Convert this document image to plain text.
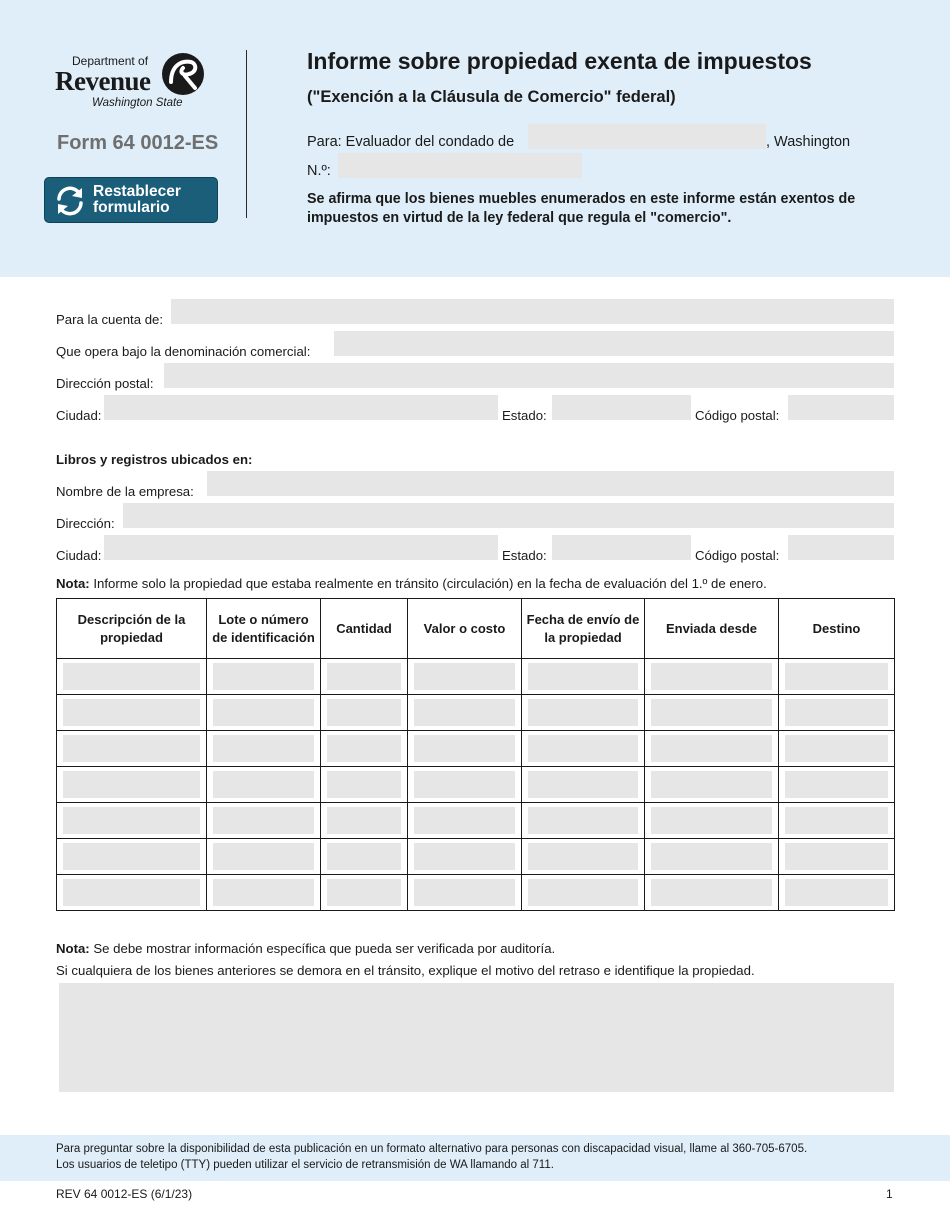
Department of
Revenue
Washington State
Form 64 0012-ES
Restablecer
formulario
Informe sobre propiedad exenta de impuestos
("Exención a la Cláusula de Comercio" federal)
Para: Evaluador del condado de	, Washington
N.º:
Se afirma que los bienes muebles enumerados en este informe están exentos de impuestos en virtud de la ley federal que regula el "comercio".
Para la cuenta de:
Que opera bajo la denominación comercial:
Dirección postal:
Ciudad:	Estado:	Código postal:
Libros y registros ubicados en:
Nombre de la empresa:
Dirección:
Ciudad:	Estado:	Código postal:
Nota: Informe solo la propiedad que estaba realmente en tránsito (circulación) en la fecha de evaluación del 1.º de enero.
Descripción de la propiedad	Lote o número de identificación	Cantidad	Valor o costo	Fecha de envío de la propiedad	Enviada desde	Destino

Nota: Se debe mostrar información específica que pueda ser verificada por auditoría.
Si cualquiera de los bienes anteriores se demora en el tránsito, explique el motivo del retraso e identifique la propiedad.
Para preguntar sobre la disponibilidad de esta publicación en un formato alternativo para personas con discapacidad visual, llame al 360-705-6705.
Los usuarios de teletipo (TTY) pueden utilizar el servicio de retransmisión de WA llamando al 711.
REV 64 0012-ES (6/1/23)	1
